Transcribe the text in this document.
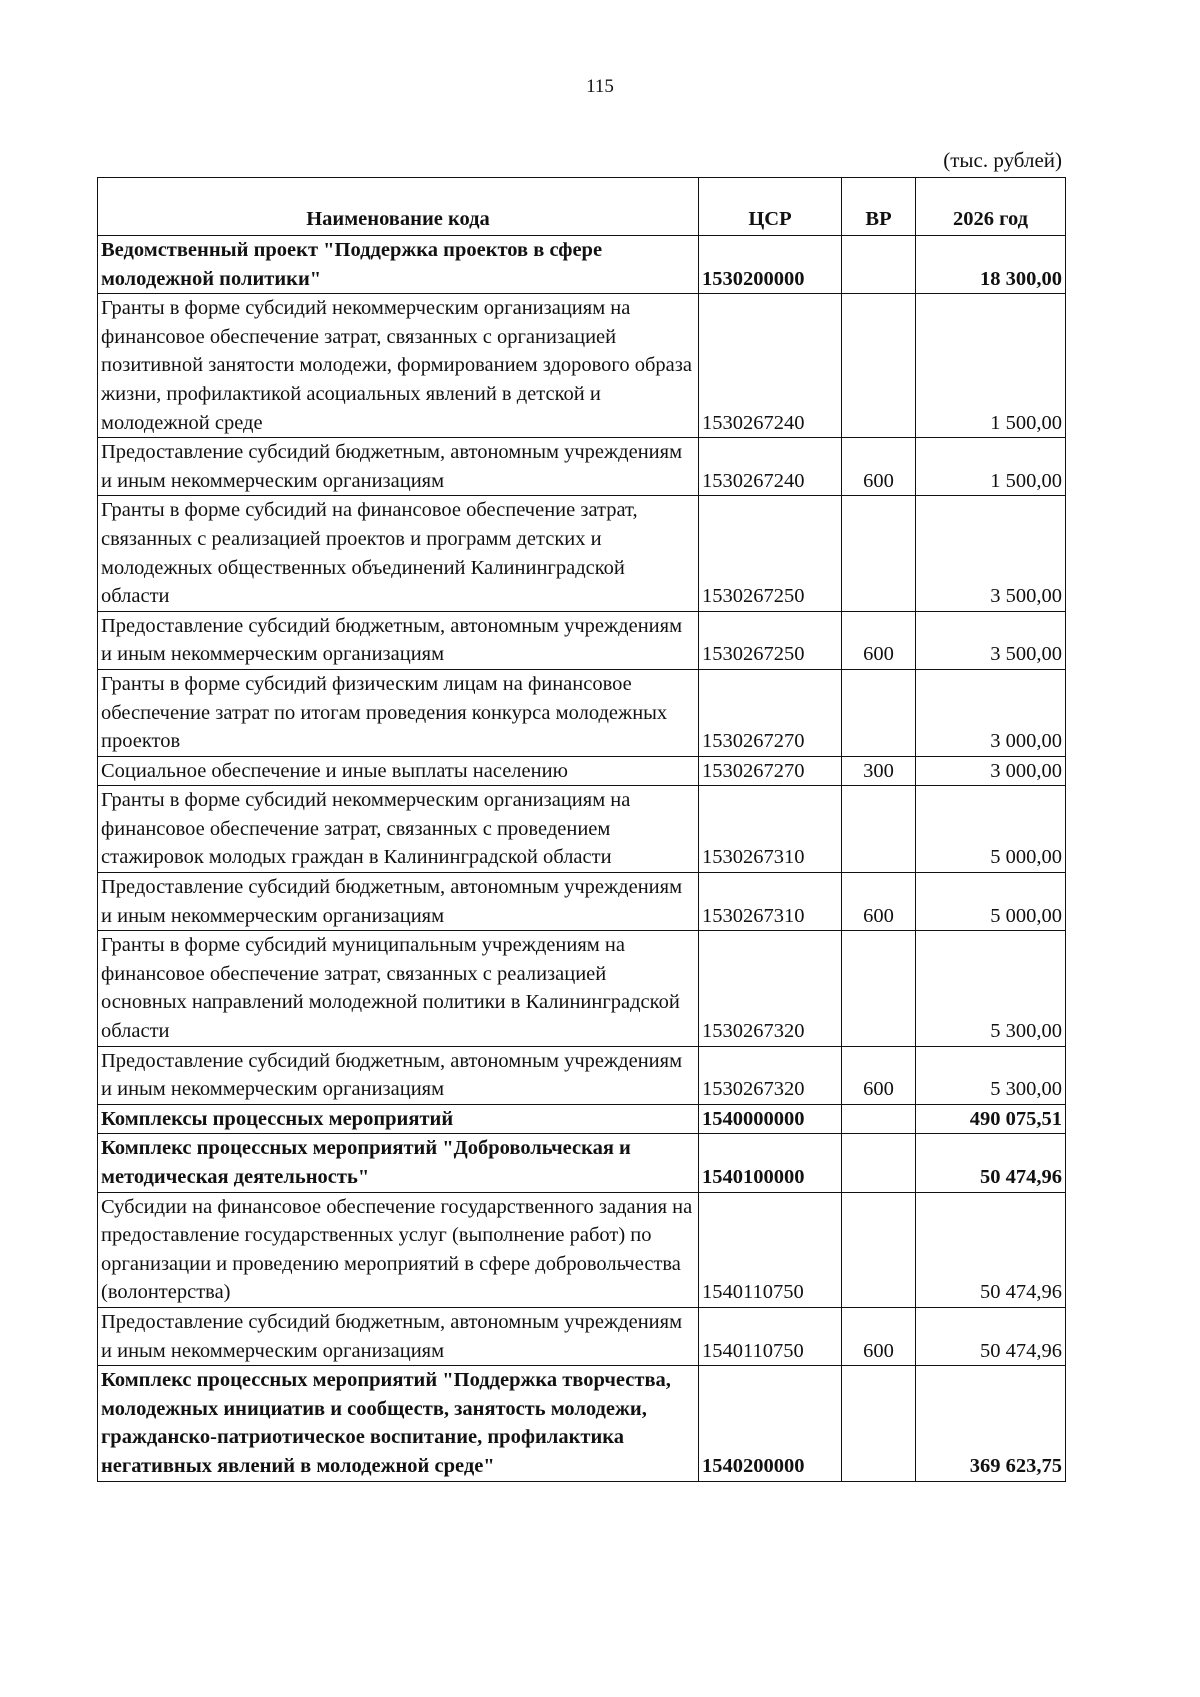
115
(тыс. рублей)
Наименование кода	ЦСР	ВР	2026 год
Ведомственный проект "Поддержка проектов в сфере молодежной политики"	1530200000		18 300,00
Гранты в форме субсидий некоммерческим организациям на финансовое обеспечение затрат, связанных с организацией позитивной занятости молодежи, формированием здорового образа жизни, профилактикой асоциальных явлений в детской и молодежной среде	1530267240		1 500,00
Предоставление субсидий бюджетным, автономным учреждениям и иным некоммерческим организациям	1530267240	600	1 500,00
Гранты в форме субсидий на финансовое обеспечение затрат, связанных с реализацией проектов и программ детских и молодежных общественных объединений Калининградской области	1530267250		3 500,00
Предоставление субсидий бюджетным, автономным учреждениям и иным некоммерческим организациям	1530267250	600	3 500,00
Гранты в форме субсидий физическим лицам на финансовое обеспечение затрат по итогам проведения конкурса молодежных проектов	1530267270		3 000,00
Социальное обеспечение и иные выплаты населению	1530267270	300	3 000,00
Гранты в форме субсидий некоммерческим организациям на финансовое обеспечение затрат, связанных с проведением стажировок молодых граждан в Калининградской области	1530267310		5 000,00
Предоставление субсидий бюджетным, автономным учреждениям и иным некоммерческим организациям	1530267310	600	5 000,00
Гранты в форме субсидий муниципальным учреждениям на финансовое обеспечение затрат, связанных с реализацией основных направлений молодежной политики в Калининградской области	1530267320		5 300,00
Предоставление субсидий бюджетным, автономным учреждениям и иным некоммерческим организациям	1530267320	600	5 300,00
Комплексы процессных мероприятий	1540000000		490 075,51
Комплекс процессных мероприятий "Добровольческая и методическая деятельность"	1540100000		50 474,96
Субсидии на финансовое обеспечение государственного задания на предоставление государственных услуг (выполнение работ) по организации и проведению мероприятий в сфере добровольчества (волонтерства)	1540110750		50 474,96
Предоставление субсидий бюджетным, автономным учреждениям и иным некоммерческим организациям	1540110750	600	50 474,96
Комплекс процессных мероприятий "Поддержка творчества, молодежных инициатив и сообществ, занятость молодежи, гражданско-патриотическое воспитание, профилактика негативных явлений в молодежной среде"	1540200000		369 623,75
